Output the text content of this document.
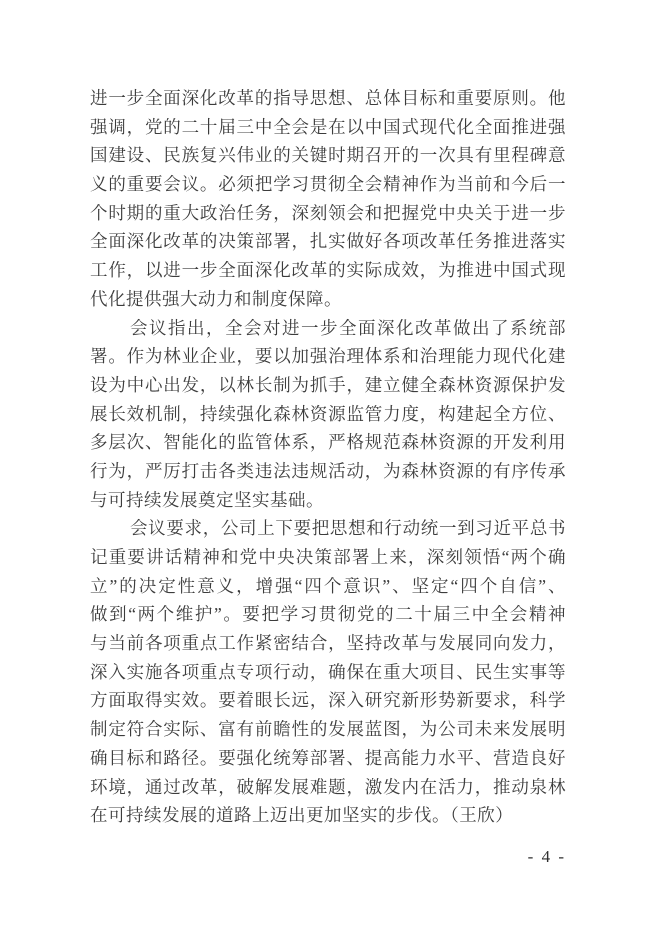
进一步全面深化改革的指导思想、总体目标和重要原则。他
强调，党的二十届三中全会是在以中国式现代化全面推进强
国建设、民族复兴伟业的关键时期召开的一次具有里程碑意
义的重要会议。必须把学习贯彻全会精神作为当前和今后一
个时期的重大政治任务，深刻领会和把握党中央关于进一步
全面深化改革的决策部署，扎实做好各项改革任务推进落实
工作，以进一步全面深化改革的实际成效，为推进中国式现
代化提供强大动力和制度保障。
会议指出，全会对进一步全面深化改革做出了系统部
署。作为林业企业，要以加强治理体系和治理能力现代化建
设为中心出发，以林长制为抓手，建立健全森林资源保护发
展长效机制，持续强化森林资源监管力度，构建起全方位、
多层次、智能化的监管体系，严格规范森林资源的开发利用
行为，严厉打击各类违法违规活动，为森林资源的有序传承
与可持续发展奠定坚实基础。
会议要求，公司上下要把思想和行动统一到习近平总书
记重要讲话精神和党中央决策部署上来，深刻领悟“两个确
立”的决定性意义，增强“四个意识”、坚定“四个自信”、
做到“两个维护”。要把学习贯彻党的二十届三中全会精神
与当前各项重点工作紧密结合，坚持改革与发展同向发力，
深入实施各项重点专项行动，确保在重大项目、民生实事等
方面取得实效。要着眼长远，深入研究新形势新要求，科学
制定符合实际、富有前瞻性的发展蓝图，为公司未来发展明
确目标和路径。要强化统筹部署、提高能力水平、营造良好
环境，通过改革，破解发展难题，激发内在活力，推动泉林
在可持续发展的道路上迈出更加坚实的步伐。（王欣）
- 4 -
